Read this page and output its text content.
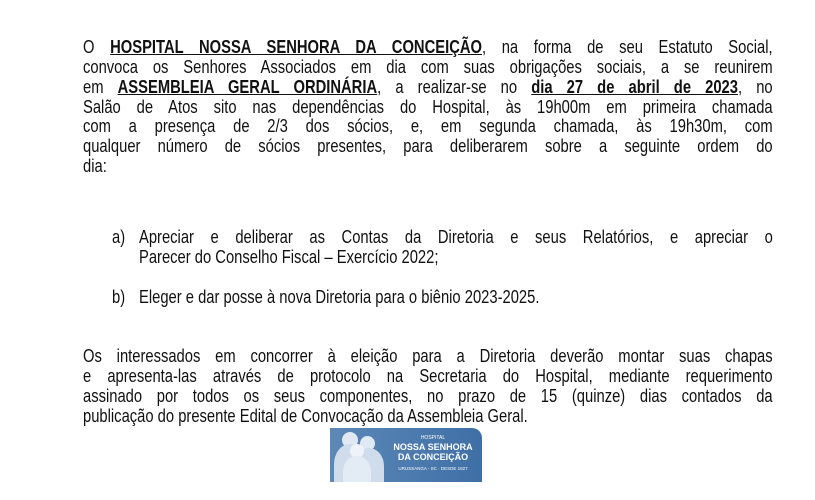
O HOSPITAL NOSSA SENHORA DA CONCEIÇÃO, na forma de seu Estatuto Social,
convoca os Senhores Associados em dia com suas obrigações sociais, a se reunirem
em ASSEMBLEIA GERAL ORDINÁRIA, a realizar-se no dia 27 de abril de 2023, no
Salão de Atos sito nas dependências do Hospital, às 19h00m em primeira chamada
com a presença de 2/3 dos sócios, e, em segunda chamada, às 19h30m, com
qualquer número de sócios presentes, para deliberarem sobre a seguinte ordem do
dia:
a) Apreciar e deliberar as Contas da Diretoria e seus Relatórios, e apreciar o
Parecer do Conselho Fiscal – Exercício 2022;
b) Eleger e dar posse à nova Diretoria para o biênio 2023-2025.
Os interessados em concorrer à eleição para a Diretoria deverão montar suas chapas
e apresenta-las através de protocolo na Secretaria do Hospital, mediante requerimento
assinado por todos os seus componentes, no prazo de 15 (quinze) dias contados da
publicação do presente Edital de Convocação da Assembleia Geral.
HOSPITAL
NOSSA SENHORA
DA CONCEIÇÃO
URUSSANGA - SC · DESDE 1927
